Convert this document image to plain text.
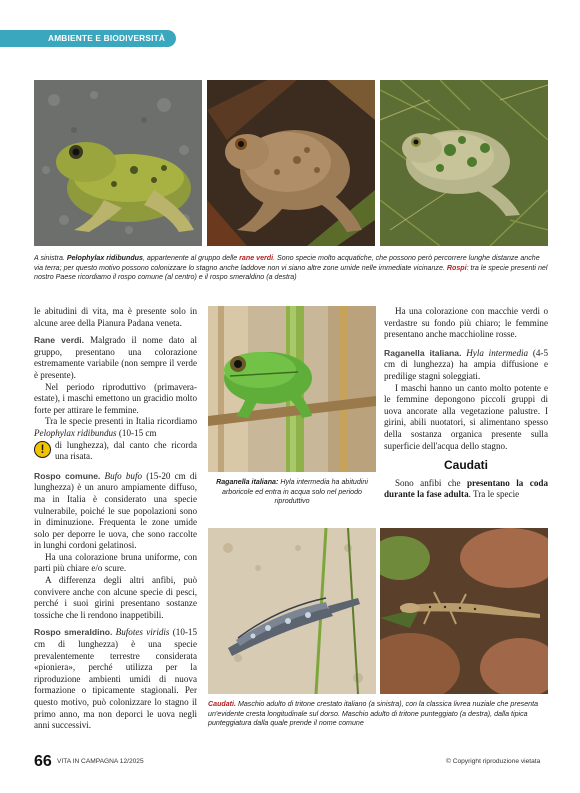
AMBIENTE E BIODIVERSITÀ
A sinistra. Pelophylax ridibundus, appartenente al gruppo delle rane verdi. Sono specie molto acquatiche, che possono però percorrere lunghe distanze anche via terra; per questo motivo possono colonizzare lo stagno anche laddove non vi siano altre zone umide nelle immediate vicinanze. Rospi: tra le specie presenti nel nostro Paese ricordiamo il rospo comune (al centro) e il rospo smeraldino (a destra)

le abitudini di vita, ma è presente solo in alcune aree della Pianura Padana veneta.

Rane verdi. Malgrado il nome dato al gruppo, presentano una colorazione estremamente variabile (non sempre il verde è presente).

Nel periodo riproduttivo (primavera-estate), i maschi emettono un gracidio molto forte per attirare le femmine.

Tra le specie presenti in Italia ricordiamo Pelophylax ridibundus (10-15 cm

!	di lunghezza), dal canto che ricorda una risata.

Rospo comune. Bufo bufo (15-20 cm di lunghezza) è un anuro ampiamente diffuso, ma in Italia è considerato una specie vulnerabile, poiché le sue popolazioni sono in diminuzione. Frequenta le zone umide solo per deporre le uova, che sono raccolte in lunghi cordoni gelatinosi.

Ha una colorazione bruna uniforme, con parti più chiare e/o scure.

A differenza degli altri anfibi, può convivere anche con alcune specie di pesci, perché i suoi girini presentano sostanze tossiche che li rendono inappetibili.

Rospo smeraldino. Bufotes viridis (10-15 cm di lunghezza) è una specie prevalentemente terrestre considerata «pioniera», perché utilizza per la riproduzione ambienti umidi di nuova formazione o tipicamente stagionali. Per questo motivo, può colonizzare lo stagno il primo anno, ma non deporci le uova negli anni successivi.

Raganella italiana: Hyla intermedia ha abitudini arboricole ed entra in acqua solo nel periodo riproduttivo

Ha una colorazione con macchie verdi o verdastre su fondo più chiaro; le femmine presentano anche macchioline rosse.

Raganella italiana. Hyla intermedia (4-5 cm di lunghezza) ha ampia diffusione e predilige stagni soleggiati.

I maschi hanno un canto molto potente e le femmine depongono piccoli gruppi di uova ancorate alla vegetazione palustre. I girini, abili nuotatori, si alimentano spesso della sostanza organica presente sulla superficie dell'acqua dello stagno.

Caudati

Sono anfibi che presentano la coda durante la fase adulta. Tra le specie

Caudati. Maschio adulto di tritone crestato italiano (a sinistra), con la classica livrea nuziale che presenta un'evidente cresta longitudinale sul dorso. Maschio adulto di tritone punteggiato (a destra), dalla tipica punteggiatura dalla quale prende il nome comune
66 VITA IN CAMPAGNA 12/2025	© Copyright riproduzione vietata
